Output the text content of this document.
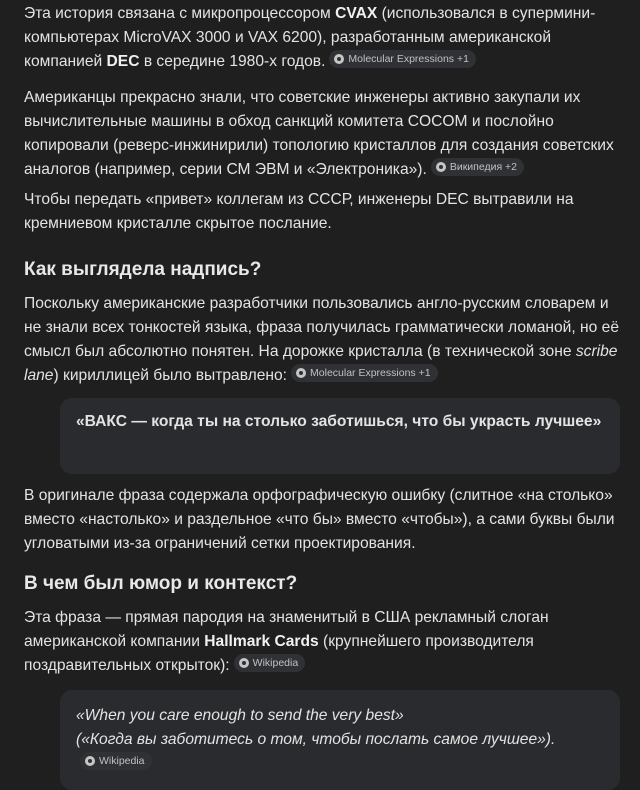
Эта история связана с микропроцессором CVAX (использовался в супермини-компьютерах MicroVAX 3000 и VAX 6200), разработанным американской компанией DEC в середине 1980-х годов. Molecular Expressions +1

Американцы прекрасно знали, что советские инженеры активно закупали их вычислительные машины в обход санкций комитета COCOM и послойно копировали (реверс-инжинирили) топологию кристаллов для создания советских аналогов (например, серии СМ ЭВМ и «Электроника»). Википедия +2

Чтобы передать «привет» коллегам из СССР, инженеры DEC вытравили на кремниевом кристалле скрытое послание.

Как выглядела надпись?

Поскольку американские разработчики пользовались англо-русским словарем и не знали всех тонкостей языка, фраза получилась грамматически ломаной, но её смысл был абсолютно понятен. На дорожке кристалла (в технической зоне scribe lane) кириллицей было вытравлено: Molecular Expressions +1

«ВАКС — когда ты на столько заботишься, что бы украсть лучшее»

В оригинале фраза содержала орфографическую ошибку (слитное «на столько» вместо «настолько» и раздельное «что бы» вместо «чтобы»), а сами буквы были угловатыми из-за ограничений сетки проектирования.

В чем был юмор и контекст?

Эта фраза — прямая пародия на знаменитый в США рекламный слоган американской компании Hallmark Cards (крупнейшего производителя поздравительных открыток): Wikipedia

«When you care enough to send the very best»
(«Когда вы заботитесь о том, чтобы послать самое лучшее»).
Wikipedia
